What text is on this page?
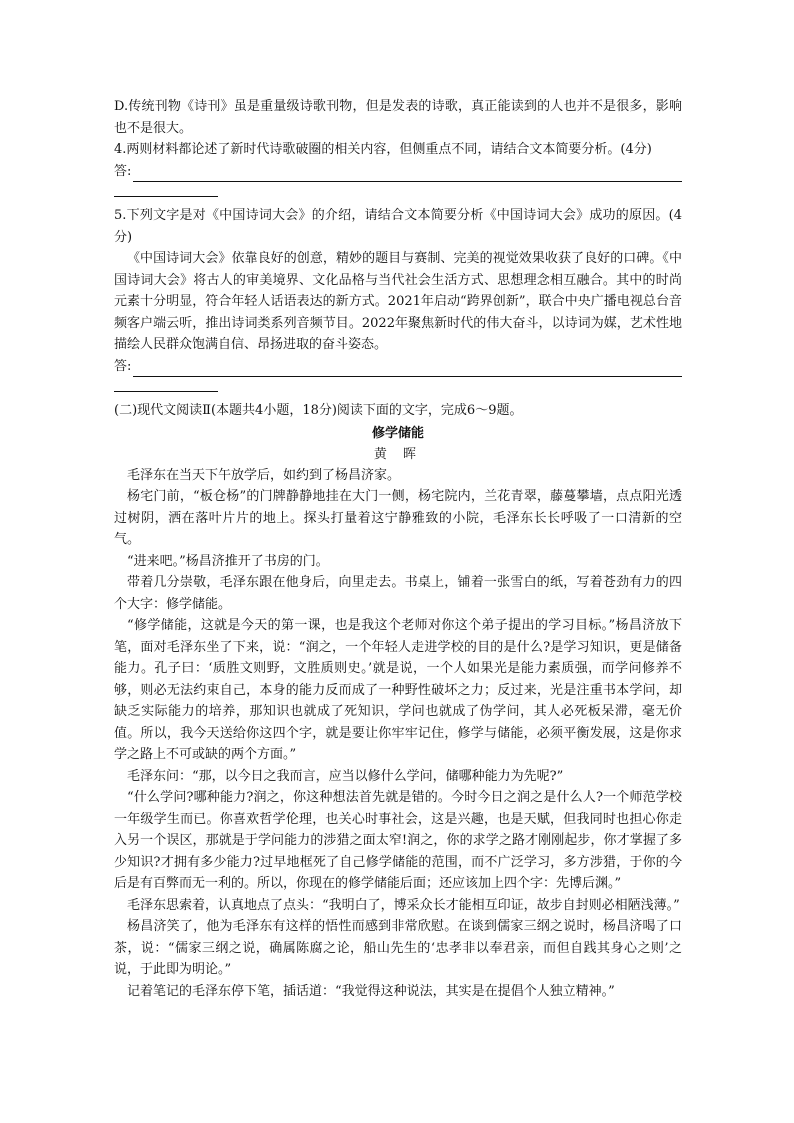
D.传统刊物《诗刊》虽是重量级诗歌刊物，但是发表的诗歌，真正能读到的人也并不是很多，影响也不是很大。

4.两则材料都论述了新时代诗歌破圈的相关内容，但侧重点不同，请结合文本简要分析。(4分)

答:

5.下列文字是对《中国诗词大会》的介绍，请结合文本简要分析《中国诗词大会》成功的原因。(4分)

《中国诗词大会》依靠良好的创意，精妙的题目与赛制、完美的视觉效果收获了良好的口碑。《中国诗词大会》将古人的审美境界、文化品格与当代社会生活方式、思想理念相互融合。其中的时尚元素十分明显，符合年轻人话语表达的新方式。2021年启动“跨界创新”，联合中央广播电视总台音频客户端云听，推出诗词类系列音频节目。2022年聚焦新时代的伟大奋斗，以诗词为媒，艺术性地描绘人民群众饱满自信、昂扬进取的奋斗姿态。

答:

(二)现代文阅读Ⅱ(本题共4小题，18分)阅读下面的文字，完成6～9题。

修学储能
黄 晖

毛泽东在当天下午放学后，如约到了杨昌济家。

杨宅门前，“板仓杨”的门牌静静地挂在大门一侧，杨宅院内，兰花青翠，藤蔓攀墙，点点阳光透过树阴，洒在落叶片片的地上。探头打量着这宁静雅致的小院，毛泽东长长呼吸了一口清新的空气。

“进来吧。”杨昌济推开了书房的门。

带着几分崇敬，毛泽东跟在他身后，向里走去。书桌上，铺着一张雪白的纸，写着苍劲有力的四个大字：修学储能。

“修学储能，这就是今天的第一课，也是我这个老师对你这个弟子提出的学习目标。”杨昌济放下笔，面对毛泽东坐了下来，说：“润之，一个年轻人走进学校的目的是什么?是学习知识，更是储备能力。孔子曰：‘质胜文则野，文胜质则史。’就是说，一个人如果光是能力素质强，而学问修养不够，则必无法约束自己，本身的能力反而成了一种野性破坏之力；反过来，光是注重书本学问，却缺乏实际能力的培养，那知识也就成了死知识，学问也就成了伪学问，其人必死板呆滞，毫无价值。所以，我今天送给你这四个字，就是要让你牢牢记住，修学与储能，必须平衡发展，这是你求学之路上不可或缺的两个方面。”

毛泽东问：“那，以今日之我而言，应当以修什么学问，储哪种能力为先呢?”

“什么学问?哪种能力?润之，你这种想法首先就是错的。今时今日之润之是什么人?一个师范学校一年级学生而已。你喜欢哲学伦理，也关心时事社会，这是兴趣，也是天赋，但我同时也担心你走入另一个误区，那就是于学问能力的涉猎之面太窄!润之，你的求学之路才刚刚起步，你才掌握了多少知识?才拥有多少能力?过早地框死了自己修学储能的范围，而不广泛学习，多方涉猎，于你的今后是有百弊而无一利的。所以，你现在的修学储能后面；还应该加上四个字：先博后渊。”

毛泽东思索着，认真地点了点头：“我明白了，博采众长才能相互印证，故步自封则必相陋浅薄。”

杨昌济笑了，他为毛泽东有这样的悟性而感到非常欣慰。在谈到儒家三纲之说时，杨昌济喝了口茶，说：“儒家三纲之说，确属陈腐之论，船山先生的‘忠孝非以奉君亲，而但自践其身心之则’之说，于此即为明论。”

记着笔记的毛泽东停下笔，插话道：“我觉得这种说法，其实是在提倡个人独立精神。”
